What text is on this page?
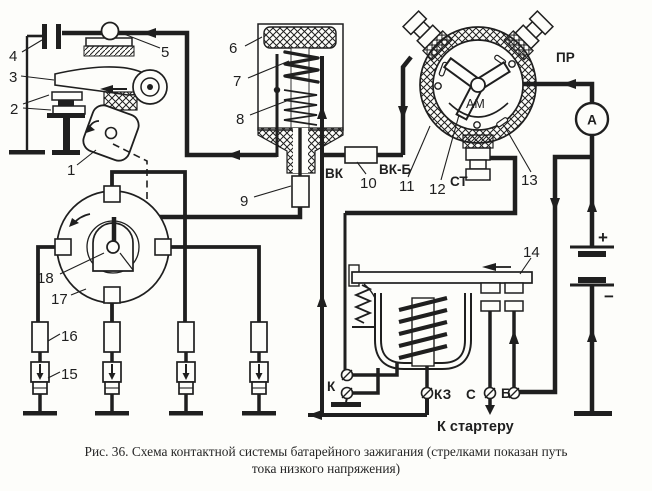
А
+
−
1
2
3
4	5	6
7
8
9
10 11 12
13
14
15
16
17
18
ВК	ВК-Б
СТ
ПР
АМ
К
КЗ С Б
К стартеру
Рис. 36. Схема контактной системы батарейного зажигания (стрелками показан путь
тока низкого напряжения)
